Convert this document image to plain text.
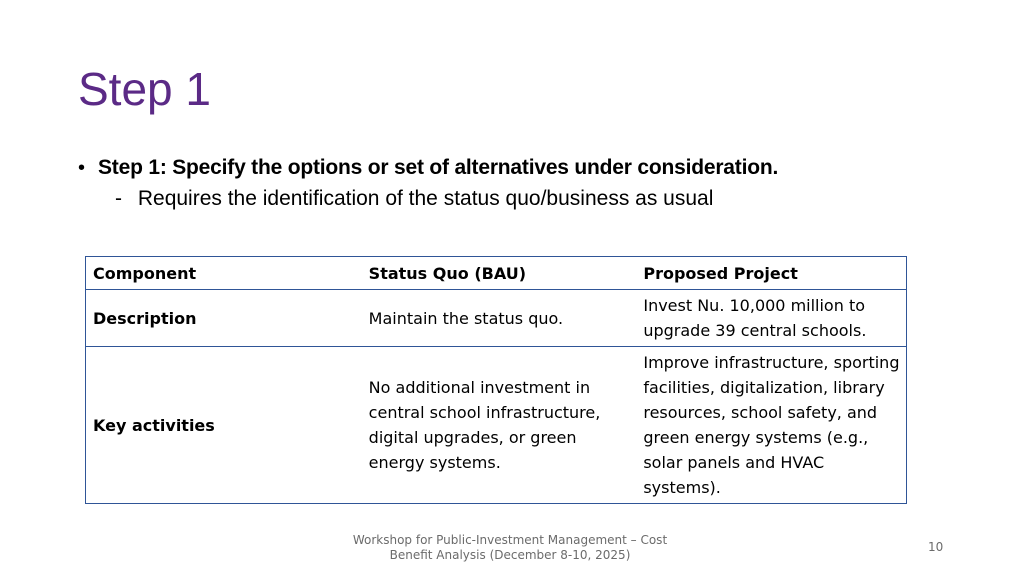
Step 1
• Step 1: Specify the options or set of alternatives under consideration.
- Requires the identification of the status quo/business as usual
Component	Status Quo (BAU)	Proposed Project
Description	Maintain the status quo.	Invest Nu. 10,000 million to upgrade 39 central schools.
Key activities	No additional investment in central school infrastructure, digital upgrades, or green energy systems.	Improve infrastructure, sporting facilities, digitalization, library resources, school safety, and green energy systems (e.g., solar panels and HVAC systems).
Workshop for Public-Investment Management – Cost
Benefit Analysis (December 8-10, 2025)
10
